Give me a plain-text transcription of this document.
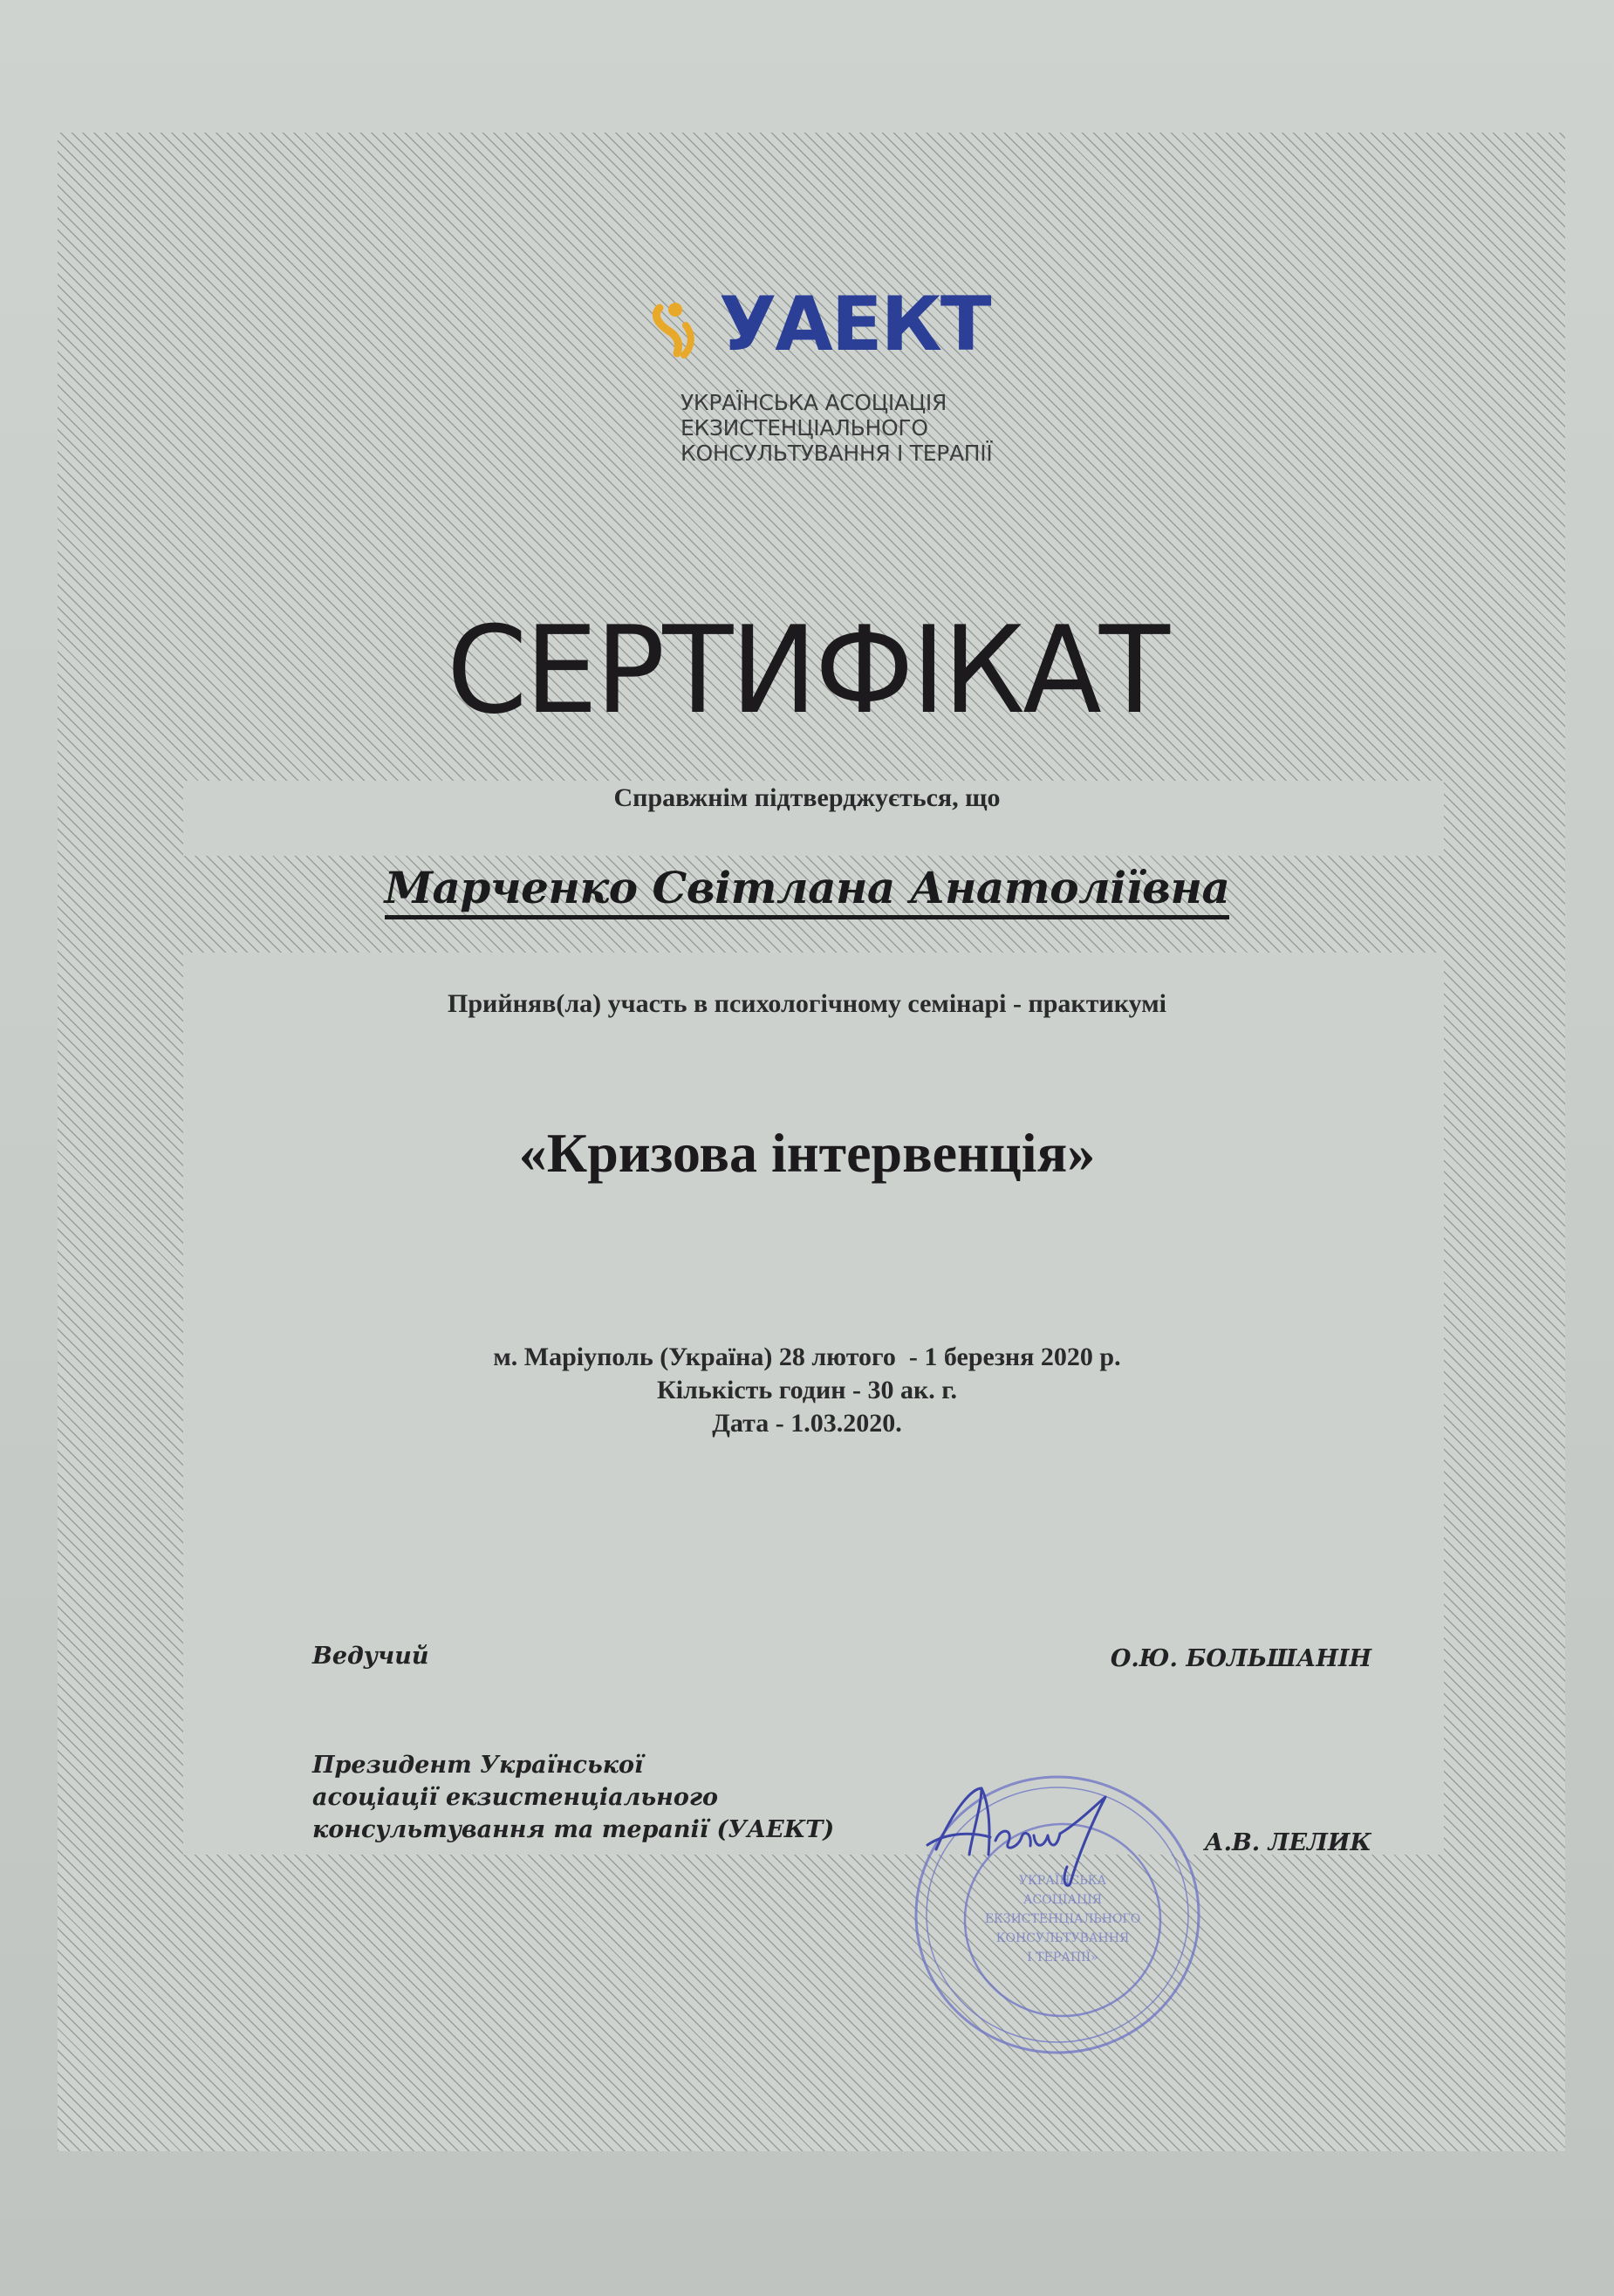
УАЕКТ
УКРАЇНСЬКА АСОЦІАЦІЯ
ЕКЗИСТЕНЦІАЛЬНОГО
КОНСУЛЬТУВАННЯ І ТЕРАПІЇ
СЕРТИФІКАТ
Справжнім підтверджується, що
Марченко Світлана Анатоліївна
Прийняв(ла) участь в психологічному семінарі - практикумі
«Кризова інтервенція»
м. Маріуполь (Україна) 28 лютого  - 1 березня 2020 р.
Кількість годин - 30 ак. г.
Дата - 1.03.2020.
Ведучий	О.Ю. БОЛЬШАНІН
Президент Української
асоціації екзистенціального
консультування та терапії (УАЕКТ)
УКРАЇНСЬКА
АСОЦІАЦІЯ
ЕКЗИСТЕНЦІАЛЬНОГО
КОНСУЛЬТУВАННЯ
І ТЕРАПІЇ»
А.В. ЛЕЛИК
